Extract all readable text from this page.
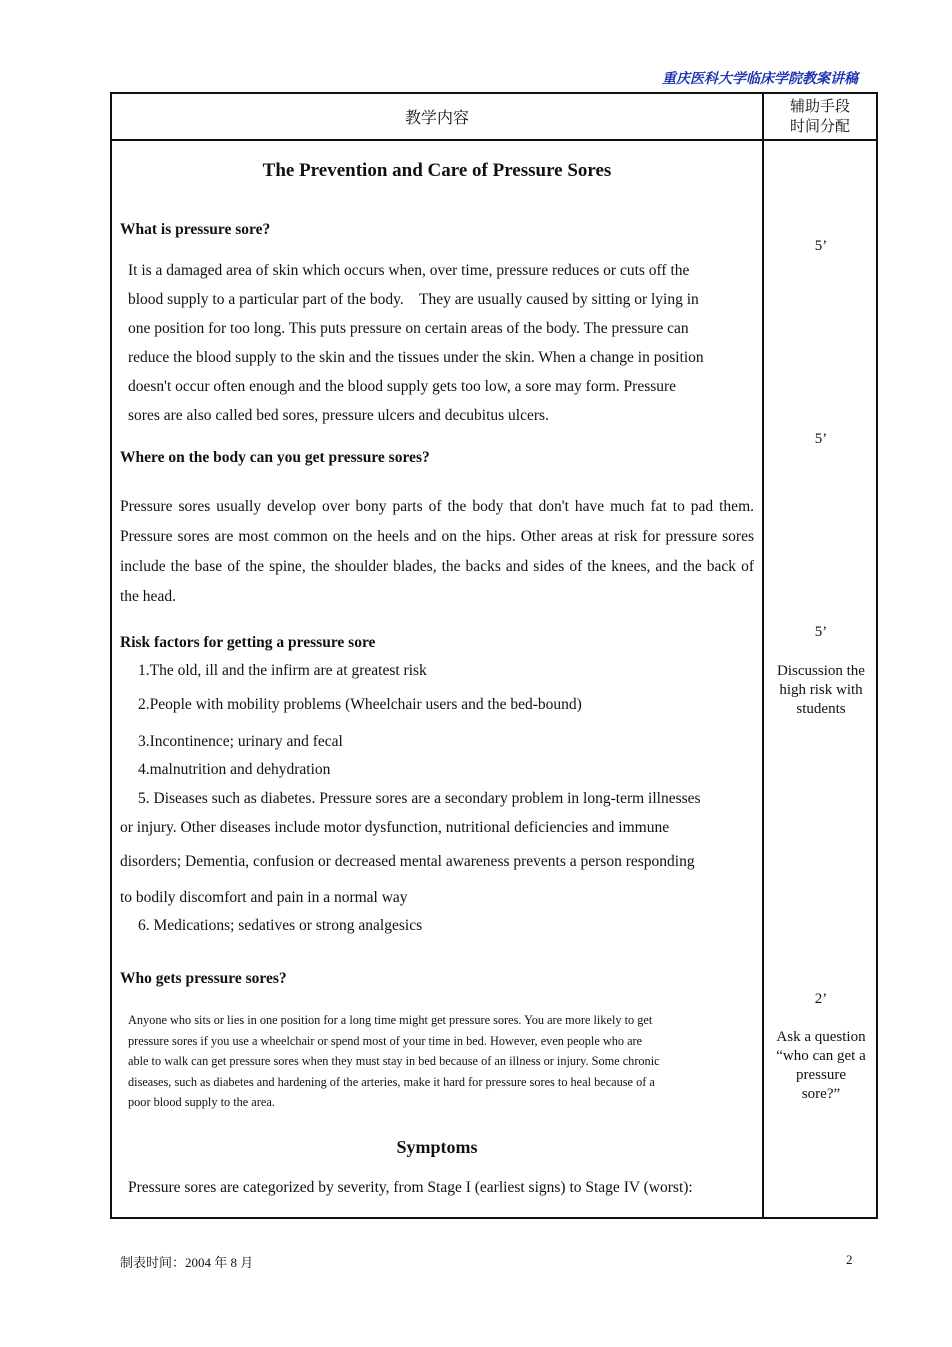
重庆医科大学临床学院教案讲稿
教学内容
辅助手段
时间分配
The Prevention and Care of Pressure Sores
What is pressure sore?
It is a damaged area of skin which occurs when, over time, pressure reduces or cuts off the
blood supply to a particular part of the body.    They are usually caused by sitting or lying in
one position for too long. This puts pressure on certain areas of the body. The pressure can
reduce the blood supply to the skin and the tissues under the skin. When a change in position
doesn't occur often enough and the blood supply gets too low, a sore may form. Pressure
sores are also called bed sores, pressure ulcers and decubitus ulcers.
Where on the body can you get pressure sores?
Pressure sores usually develop over bony parts of the body that don't have much fat to pad them. Pressure sores are most common on the heels and on the hips. Other areas at risk for pressure sores include the base of the spine, the shoulder blades, the backs and sides of the knees, and the back of the head.
Risk factors for getting a pressure sore
1.The old, ill and the infirm are at greatest risk
2.People with mobility problems (Wheelchair users and the bed-bound)
3.Incontinence; urinary and fecal
4.malnutrition and dehydration
5. Diseases such as diabetes. Pressure sores are a secondary problem in long-term illnesses
or injury. Other diseases include motor dysfunction, nutritional deficiencies and immune
disorders; Dementia, confusion or decreased mental awareness prevents a person responding
to bodily discomfort and pain in a normal way
6. Medications; sedatives or strong analgesics
Who gets pressure sores?
Anyone who sits or lies in one position for a long time might get pressure sores. You are more likely to get
pressure sores if you use a wheelchair or spend most of your time in bed. However, even people who are
able to walk can get pressure sores when they must stay in bed because of an illness or injury. Some chronic
diseases, such as diabetes and hardening of the arteries, make it hard for pressure sores to heal because of a
poor blood supply to the area.
Symptoms
Pressure sores are categorized by severity, from Stage I (earliest signs) to Stage IV (worst):
5’
5’
5’
Discussion the
high risk with
students
2’
Ask a question
“who can get a
pressure
sore?”
制表时间：2004 年 8 月	2
